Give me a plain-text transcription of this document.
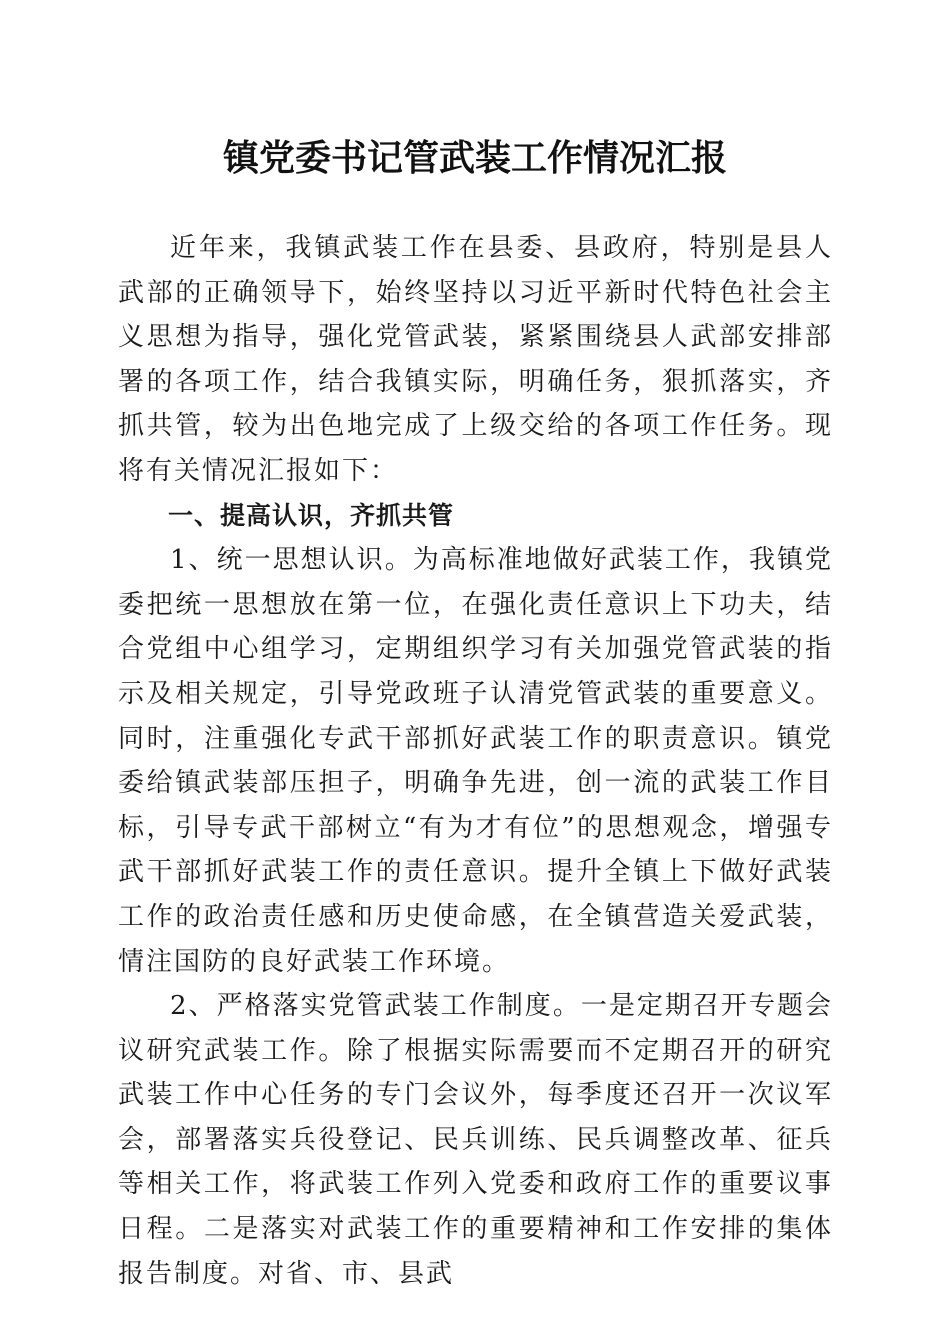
镇党委书记管武装工作情况汇报

近年来，我镇武装工作在县委、县政府，特别是县人武部的正确领导下，始终坚持以习近平新时代特色社会主义思想为指导，强化党管武装，紧紧围绕县人武部安排部署的各项工作，结合我镇实际，明确任务，狠抓落实，齐抓共管，较为出色地完成了上级交给的各项工作任务。现将有关情况汇报如下：

一、提高认识，齐抓共管

1、统一思想认识。为高标准地做好武装工作，我镇党委把统一思想放在第一位，在强化责任意识上下功夫，结合党组中心组学习，定期组织学习有关加强党管武装的指示及相关规定，引导党政班子认清党管武装的重要意义。同时，注重强化专武干部抓好武装工作的职责意识。镇党委给镇武装部压担子，明确争先进，创一流的武装工作目标，引导专武干部树立“有为才有位”的思想观念，增强专武干部抓好武装工作的责任意识。提升全镇上下做好武装工作的政治责任感和历史使命感，在全镇营造关爱武装，情注国防的良好武装工作环境。

2、严格落实党管武装工作制度。一是定期召开专题会议研究武装工作。除了根据实际需要而不定期召开的研究武装工作中心任务的专门会议外，每季度还召开一次议军会，部署落实兵役登记、民兵训练、民兵调整改革、征兵等相关工作，将武装工作列入党委和政府工作的重要议事日程。二是落实对武装工作的重要精神和工作安排的集体报告制度。对省、市、县武
